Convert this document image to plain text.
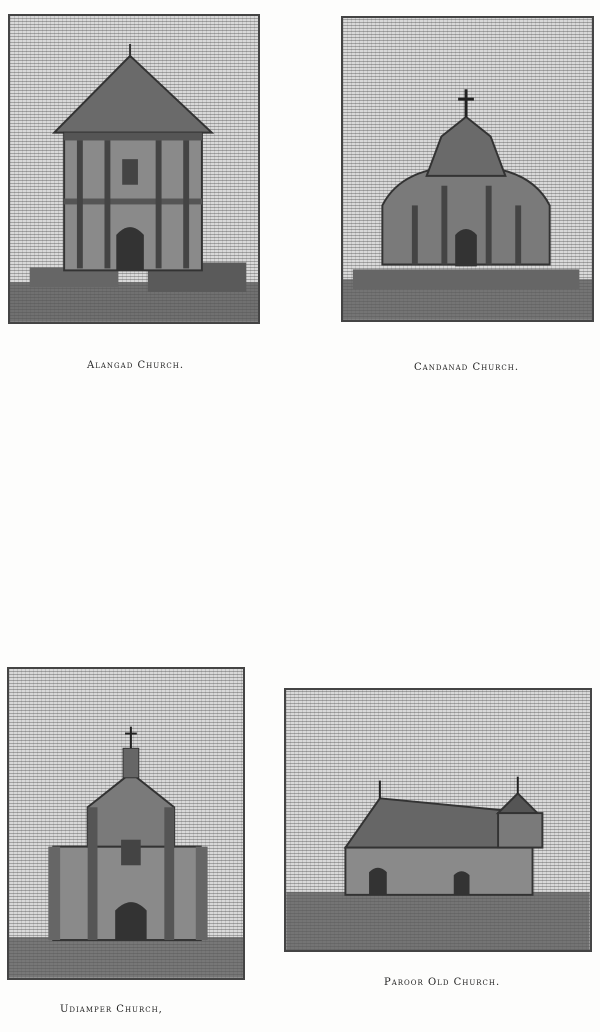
Alangad Church.	Candanad Church.
Udiamper Church,
Paroor Old Church.
